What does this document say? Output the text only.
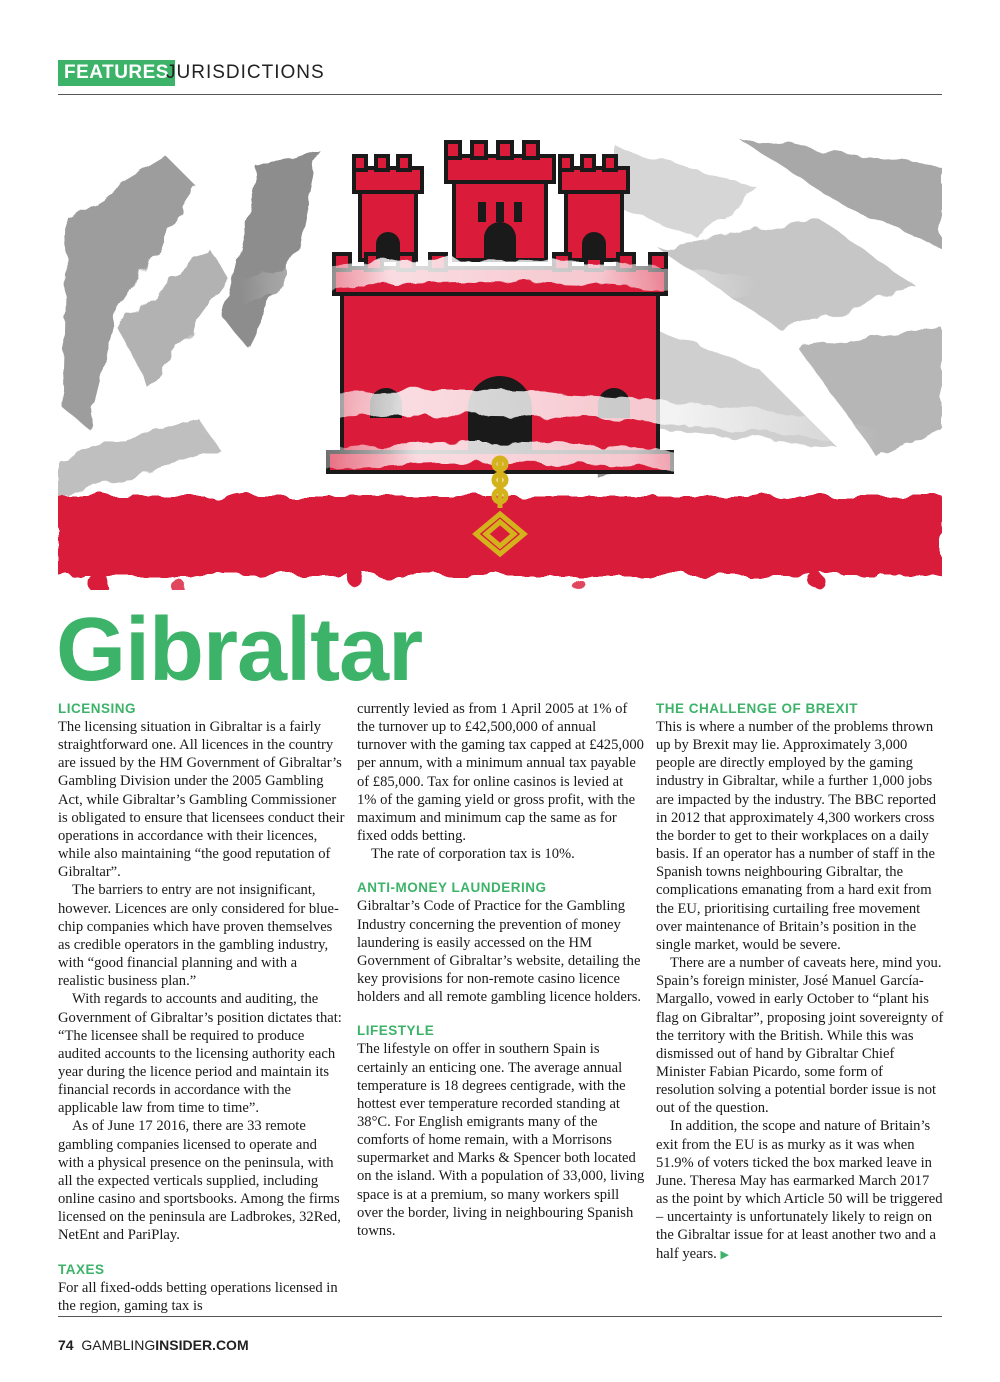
FEATURES
JURISDICTIONS
Gibraltar
LICENSING

The licensing situation in Gibraltar is a fairly straightforward one. All licences in the country are issued by the HM Government of Gibraltar’s Gambling Division under the 2005 Gambling Act, while Gibraltar’s Gambling Commissioner is obligated to ensure that licensees conduct their operations in accordance with their licences, while also maintaining “the good reputation of Gibraltar”.

The barriers to entry are not insignificant, however. Licences are only considered for blue-chip companies which have proven themselves as credible operators in the gambling industry, with “good financial planning and with a realistic business plan.”

With regards to accounts and auditing, the Government of Gibraltar’s position dictates that: “The licensee shall be required to produce audited accounts to the licensing authority each year during the licence period and maintain its financial records in accordance with the applicable law from time to time”.

As of June 17 2016, there are 33 remote gambling companies licensed to operate and with a physical presence on the peninsula, with all the expected verticals supplied, including online casino and sportsbooks. Among the firms licensed on the peninsula are Ladbrokes, 32Red, NetEnt and PariPlay.

TAXES

For all fixed-odds betting operations licensed in the region, gaming tax is

currently levied as from 1 April 2005 at 1% of the turnover up to £42,500,000 of annual turnover with the gaming tax capped at £425,000 per annum, with a minimum annual tax payable of £85,000. Tax for online casinos is levied at 1% of the gaming yield or gross profit, with the maximum and minimum cap the same as for fixed odds betting.

The rate of corporation tax is 10%.

ANTI-MONEY LAUNDERING

Gibraltar’s Code of Practice for the Gambling Industry concerning the prevention of money laundering is easily accessed on the HM Government of Gibraltar’s website, detailing the key provisions for non-remote casino licence holders and all remote gambling licence holders.

LIFESTYLE

The lifestyle on offer in southern Spain is certainly an enticing one. The average annual temperature is 18 degrees centigrade, with the hottest ever temperature recorded standing at 38°C. For English emigrants many of the comforts of home remain, with a Morrisons supermarket and Marks & Spencer both located on the island. With a population of 33,000, living space is at a premium, so many workers spill over the border, living in neighbouring Spanish towns.

THE CHALLENGE OF BREXIT

This is where a number of the problems thrown up by Brexit may lie. Approximately 3,000 people are directly employed by the gaming industry in Gibraltar, while a further 1,000 jobs are impacted by the industry. The BBC reported in 2012 that approximately 4,300 workers cross the border to get to their workplaces on a daily basis. If an operator has a number of staff in the Spanish towns neighbouring Gibraltar, the complications emanating from a hard exit from the EU, prioritising curtailing free movement over maintenance of Britain’s position in the single market, would be severe.

There are a number of caveats here, mind you. Spain’s foreign minister, José Manuel García-Margallo, vowed in early October to “plant his flag on Gibraltar”, proposing joint sovereignty of the territory with the British. While this was dismissed out of hand by Gibraltar Chief Minister Fabian Picardo, some form of resolution solving a potential border issue is not out of the question.

In addition, the scope and nature of Britain’s exit from the EU is as murky as it was when 51.9% of voters ticked the box marked leave in June. Theresa May has earmarked March 2017 as the point by which Article 50 will be triggered – uncertainty is unfortunately likely to reign on the Gibraltar issue for at least another two and a half years. ▶

74 GAMBLINGINSIDER.COM
